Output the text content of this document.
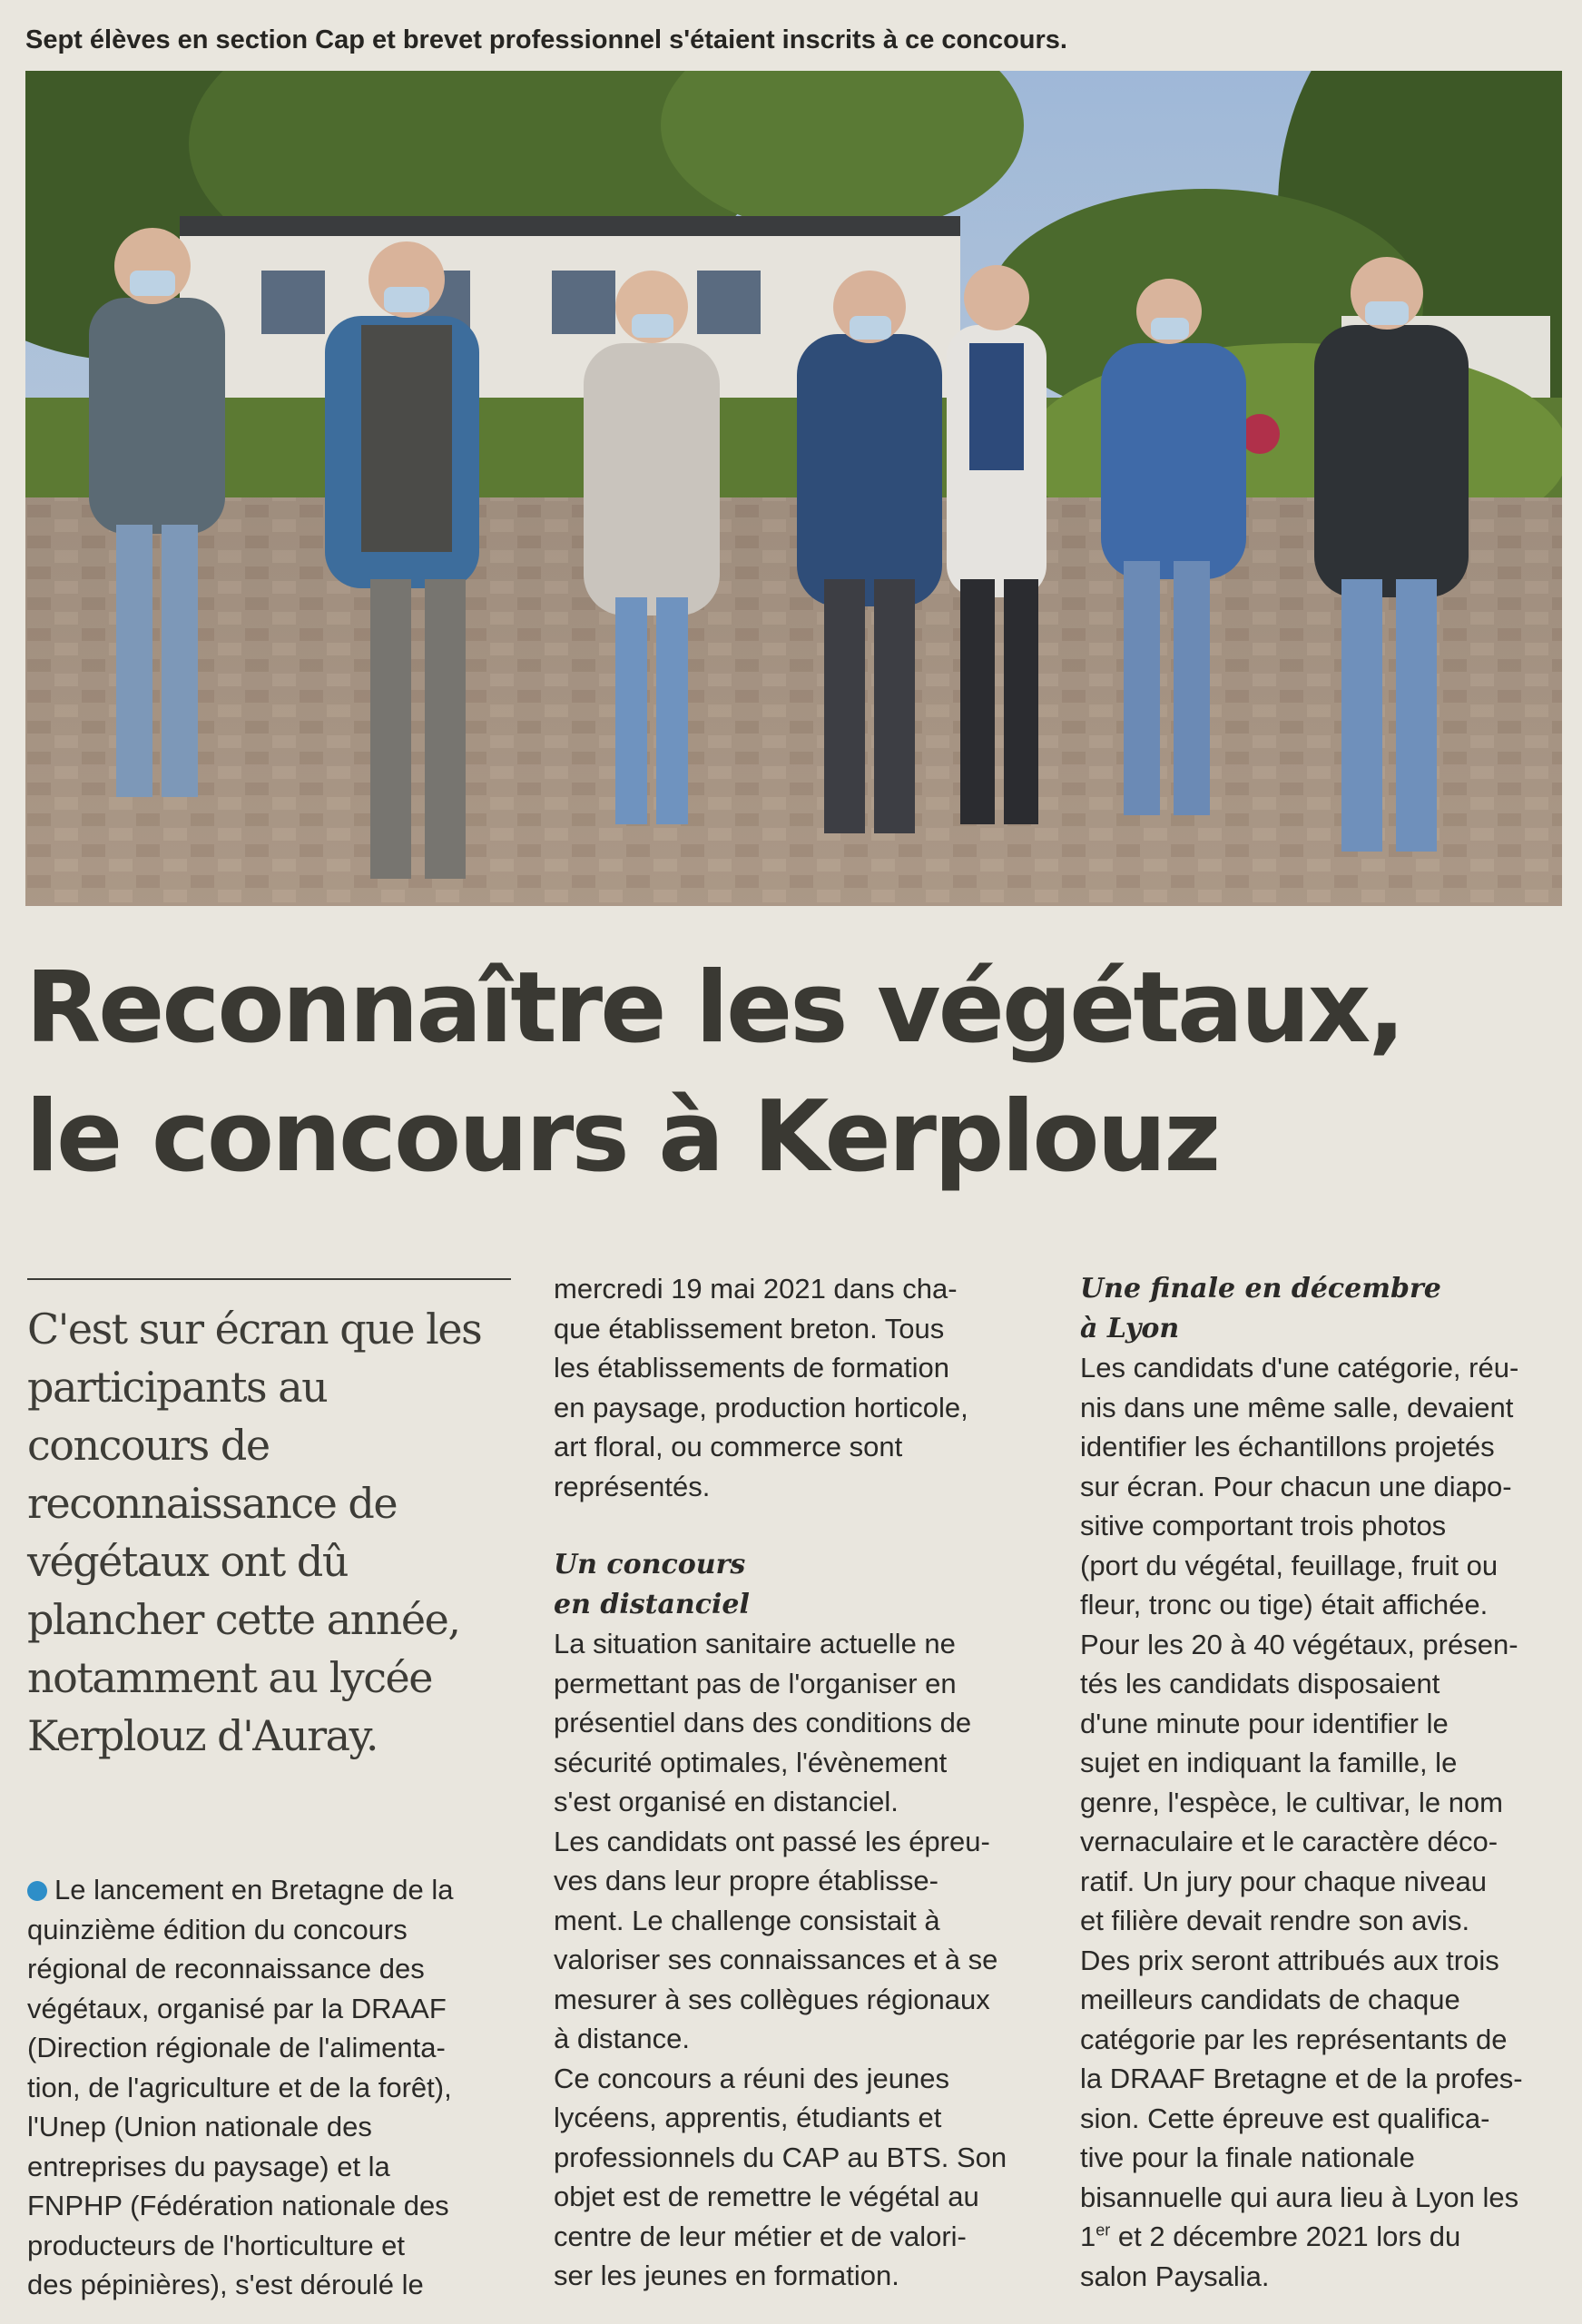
Sept élèves en section Cap et brevet professionnel s'étaient inscrits à ce concours.
Reconnaître les végétaux,
le concours à Kerplouz
C'est sur écran que les
participants au
concours de
reconnaissance de
végétaux ont dû
plancher cette année,
notamment au lycée
Kerplouz d'Auray.
Le lancement en Bretagne de la
quinzième édition du concours
régional de reconnaissance des
végétaux, organisé par la DRAAF
(Direction régionale de l'alimenta-
tion, de l'agriculture et de la forêt),
l'Unep (Union nationale des
entreprises du paysage) et la
FNPHP (Fédération nationale des
producteurs de l'horticulture et
des pépinières), s'est déroulé le
mercredi 19 mai 2021 dans cha-
que établissement breton. Tous
les établissements de formation
en paysage, production horticole,
art floral, ou commerce sont
représentés.
Un concours
en distanciel
La situation sanitaire actuelle ne
permettant pas de l'organiser en
présentiel dans des conditions de
sécurité optimales, l'évènement
s'est organisé en distanciel.
Les candidats ont passé les épreu-
ves dans leur propre établisse-
ment. Le challenge consistait à
valoriser ses connaissances et à se
mesurer à ses collègues régionaux
à distance.
Ce concours a réuni des jeunes
lycéens, apprentis, étudiants et
professionnels du CAP au BTS. Son
objet est de remettre le végétal au
centre de leur métier et de valori-
ser les jeunes en formation.
Une finale en décembre
à Lyon
Les candidats d'une catégorie, réu-
nis dans une même salle, devaient
identifier les échantillons projetés
sur écran. Pour chacun une diapo-
sitive comportant trois photos
(port du végétal, feuillage, fruit ou
fleur, tronc ou tige) était affichée.
Pour les 20 à 40 végétaux, présen-
tés les candidats disposaient
d'une minute pour identifier le
sujet en indiquant la famille, le
genre, l'espèce, le cultivar, le nom
vernaculaire et le caractère déco-
ratif. Un jury pour chaque niveau
et filière devait rendre son avis.
Des prix seront attribués aux trois
meilleurs candidats de chaque
catégorie par les représentants de
la DRAAF Bretagne et de la profes-
sion. Cette épreuve est qualifica-
tive pour la finale nationale
bisannuelle qui aura lieu à Lyon les
1er et 2 décembre 2021 lors du
salon Paysalia.
